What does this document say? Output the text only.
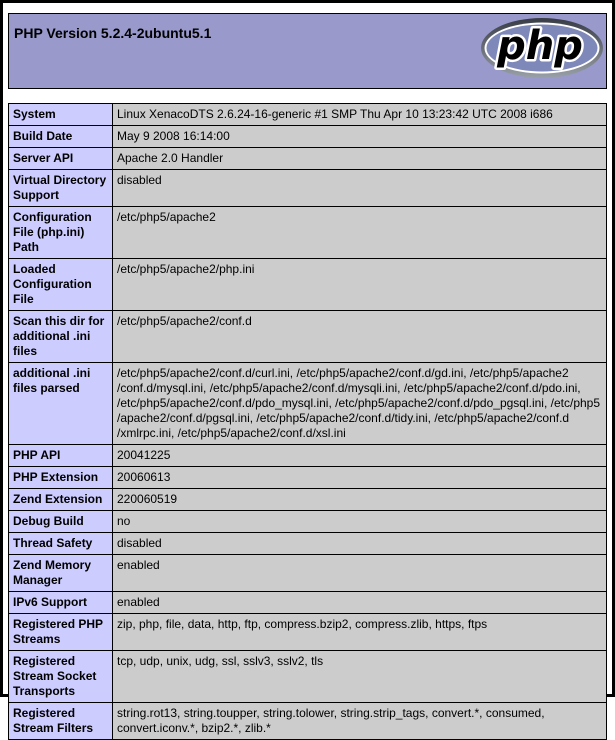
PHP Version 5.2.4-2ubuntu5.1	php
System	Linux XenacoDTS 2.6.24-16-generic #1 SMP Thu Apr 10 13:23:42 UTC 2008 i686
Build Date	May 9 2008 16:14:00
Server API	Apache 2.0 Handler
Virtual Directory Support	disabled
Configuration File (php.ini) Path	/etc​/php5​/apache2
Loaded Configuration File	/etc​/php5​/apache2​/php.ini
Scan this dir for additional .ini files	/etc​/php5​/apache2​/conf.d
additional .ini files parsed	/etc​/php5​/apache2​/conf.d​/curl.ini, /etc​/php5​/apache2​/conf.d​/gd.ini, /etc​/php5​/apache2​/conf.d​/mysql.ini, /etc​/php5​/apache2​/conf.d​/mysqli.ini, /etc​/php5​/apache2​/conf.d​/pdo.ini, /etc​/php5​/apache2​/conf.d​/pdo_mysql.ini, /etc​/php5​/apache2​/conf.d​/pdo_pgsql.ini, /etc​/php5​/apache2​/conf.d​/pgsql.ini, /etc​/php5​/apache2​/conf.d​/tidy.ini, /etc​/php5​/apache2​/conf.d​/xmlrpc.ini, /etc​/php5​/apache2​/conf.d​/xsl.ini
PHP API	20041225
PHP Extension	20060613
Zend Extension	220060519
Debug Build	no
Thread Safety	disabled
Zend Memory Manager	enabled
IPv6 Support	enabled
Registered PHP Streams	zip, php, file, data, http, ftp, compress.bzip2, compress.zlib, https, ftps
Registered Stream Socket Transports	tcp, udp, unix, udg, ssl, sslv3, sslv2, tls
Registered Stream Filters	string.rot13, string.toupper, string.tolower, string.strip_tags, convert.*, consumed, convert.iconv.*, bzip2.*, zlib.*
